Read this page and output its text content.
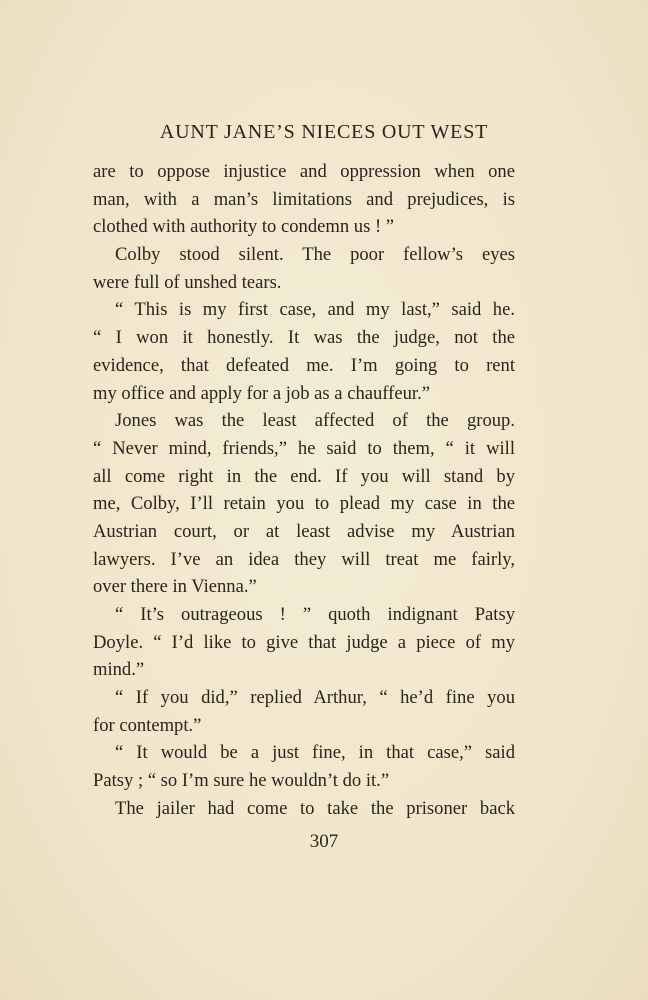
AUNT JANE’S NIECES OUT WEST
are to oppose injustice and oppression when one
man, with a man’s limitations and prejudices, is
clothed with authority to condemn us ! ”
Colby stood silent. The poor fellow’s eyes
were full of unshed tears.
“ This is my first case, and my last,” said he.
“ I won it honestly. It was the judge, not the
evidence, that defeated me. I’m going to rent
my office and apply for a job as a chauffeur.”
Jones was the least affected of the group.
“ Never mind, friends,” he said to them, “ it will
all come right in the end. If you will stand by
me, Colby, I’ll retain you to plead my case in the
Austrian court, or at least advise my Austrian
lawyers. I’ve an idea they will treat me fairly,
over there in Vienna.”
“ It’s outrageous ! ” quoth indignant Patsy
Doyle. “ I’d like to give that judge a piece of my
mind.”
“ If you did,” replied Arthur, “ he’d fine you
for contempt.”
“ It would be a just fine, in that case,” said
Patsy ; “ so I’m sure he wouldn’t do it.”
The jailer had come to take the prisoner back
307
